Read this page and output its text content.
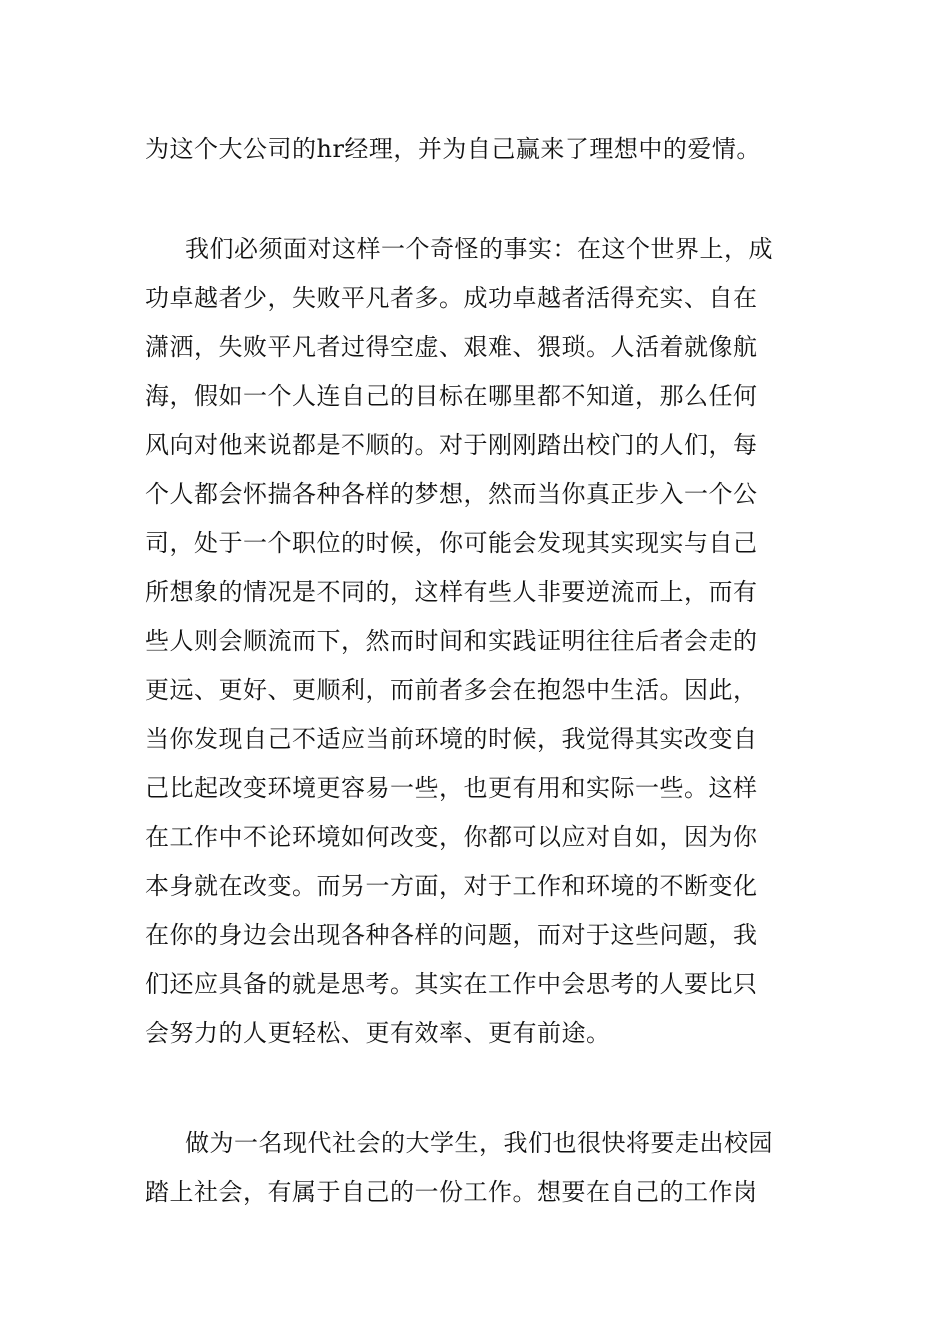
为这个大公司的hr经理，并为自己赢来了理想中的爱情。
我们必须面对这样一个奇怪的事实：在这个世界上，成
功卓越者少，失败平凡者多。成功卓越者活得充实、自在
潇洒，失败平凡者过得空虚、艰难、猥琐。人活着就像航
海，假如一个人连自己的目标在哪里都不知道，那么任何
风向对他来说都是不顺的。对于刚刚踏出校门的人们，每
个人都会怀揣各种各样的梦想，然而当你真正步入一个公
司，处于一个职位的时候，你可能会发现其实现实与自己
所想象的情况是不同的，这样有些人非要逆流而上，而有
些人则会顺流而下，然而时间和实践证明往往后者会走的
更远、更好、更顺利，而前者多会在抱怨中生活。因此，
当你发现自己不适应当前环境的时候，我觉得其实改变自
己比起改变环境更容易一些，也更有用和实际一些。这样
在工作中不论环境如何改变，你都可以应对自如，因为你
本身就在改变。而另一方面，对于工作和环境的不断变化
在你的身边会出现各种各样的问题，而对于这些问题，我
们还应具备的就是思考。其实在工作中会思考的人要比只
会努力的人更轻松、更有效率、更有前途。
做为一名现代社会的大学生，我们也很快将要走出校园
踏上社会，有属于自己的一份工作。想要在自己的工作岗
